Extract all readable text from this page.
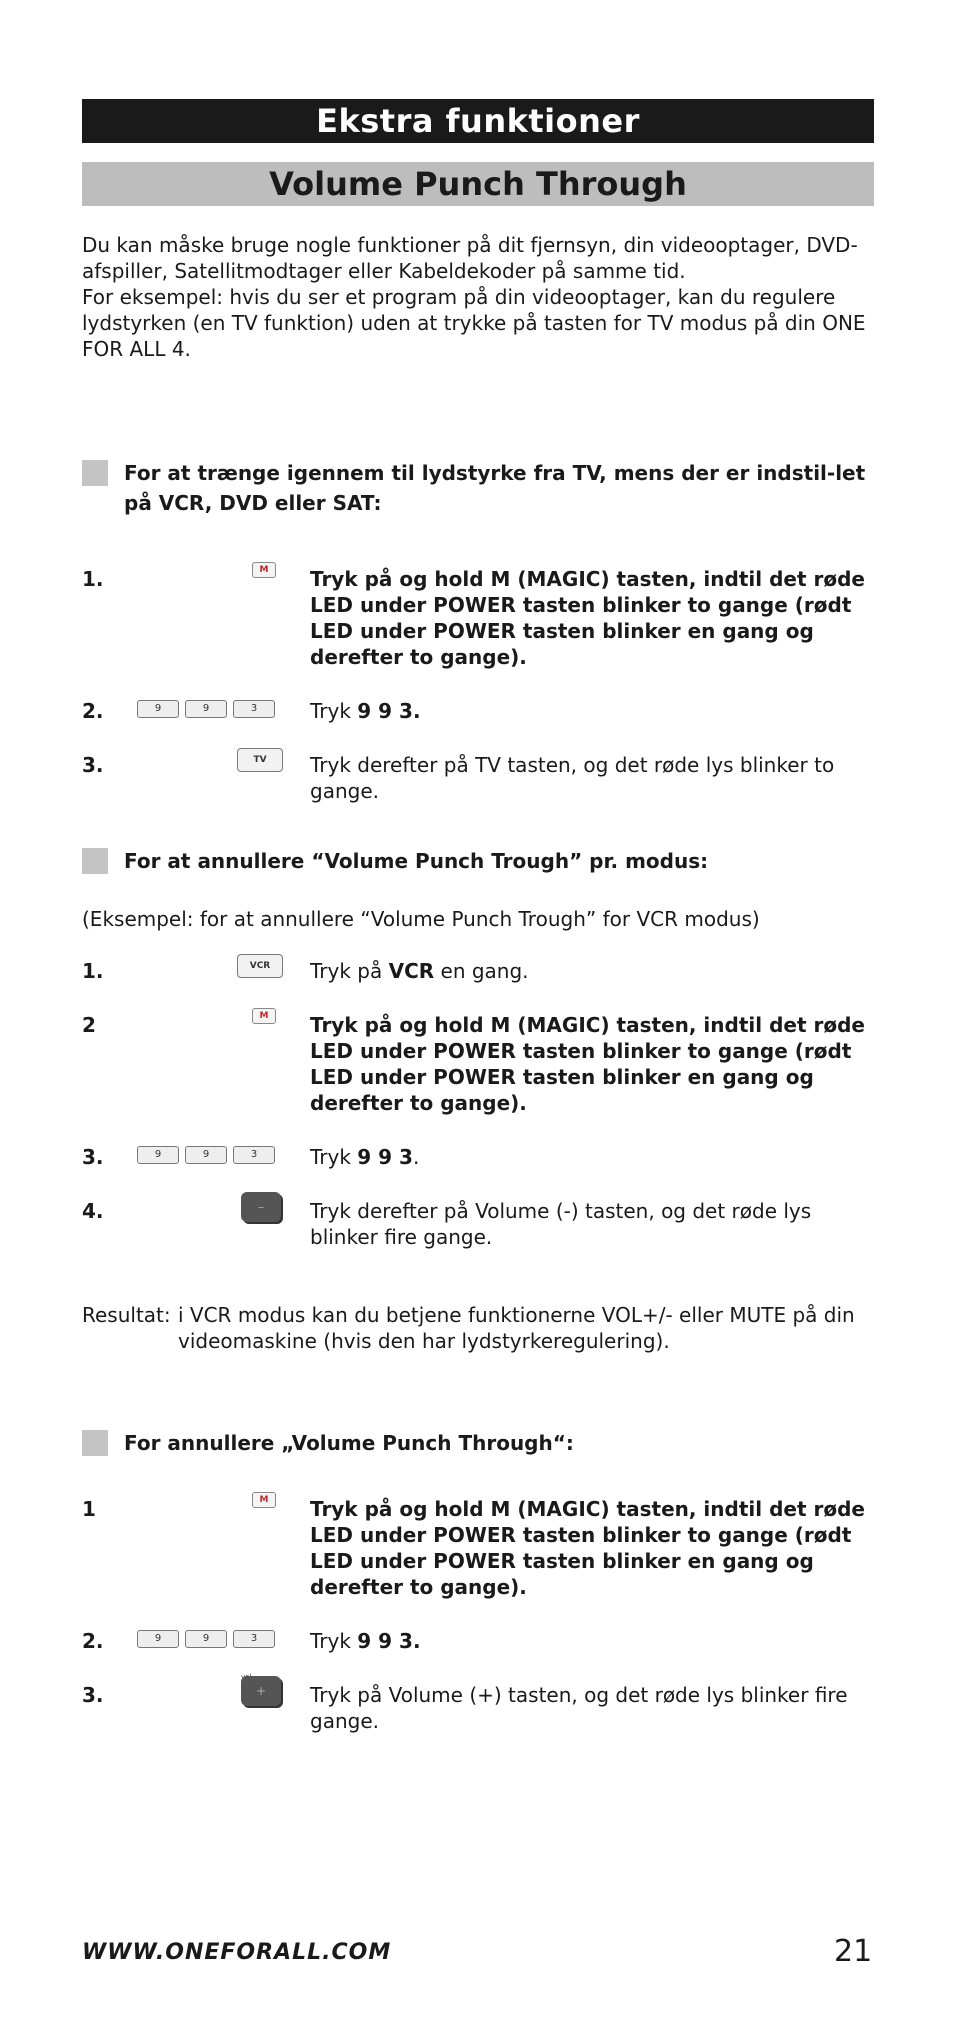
Ekstra funktioner
Volume Punch Through

Du kan måske bruge nogle funktioner på dit fjernsyn, din videooptager, DVD-afspiller, Satellitmodtager eller Kabeldekoder på samme tid.

For eksempel: hvis du ser et program på din videooptager, kan du regulere lydstyrken (en TV funktion) uden at trykke på tasten for TV modus på din ONE FOR ALL 4.

For at trænge igennem til lydstyrke fra TV, mens der er indstil-let på VCR, DVD eller SAT:
1.	M	Tryk på og hold M (MAGIC) tasten, indtil det røde LED under POWER tasten blinker to gange (rødt LED under POWER tasten blinker en gang og derefter to gange).
2.	9	9	3	Tryk 9 9 3.
3.	TV	Tryk derefter på TV tasten, og det røde lys blinker to gange.
For at annullere “Volume Punch Trough” pr. modus:
(Eksempel: for at annullere “Volume Punch Trough” for VCR modus)
1.	VCR	Tryk på VCR en gang.
2	M	Tryk på og hold M (MAGIC) tasten, indtil det røde LED under POWER tasten blinker to gange (rødt LED under POWER tasten blinker en gang og derefter to gange).
3.	9	9	3	Tryk 9 9 3.
4.	–	Tryk derefter på Volume (-) tasten, og det røde lys blinker fire gange.
Resultat: i VCR modus kan du betjene funktionerne VOL+/- eller MUTE på din videomaskine (hvis den har lydstyrkeregulering).
For annullere „Volume Punch Through“:
1	M	Tryk på og hold M (MAGIC) tasten, indtil det røde LED under POWER tasten blinker to gange (rødt LED under POWER tasten blinker en gang og derefter to gange).
2.	9	9	3	Tryk 9 9 3.
3.	+	Tryk på Volume (+) tasten, og det røde lys blinker fire gange.
WWW.ONEFORALL.COM	21
